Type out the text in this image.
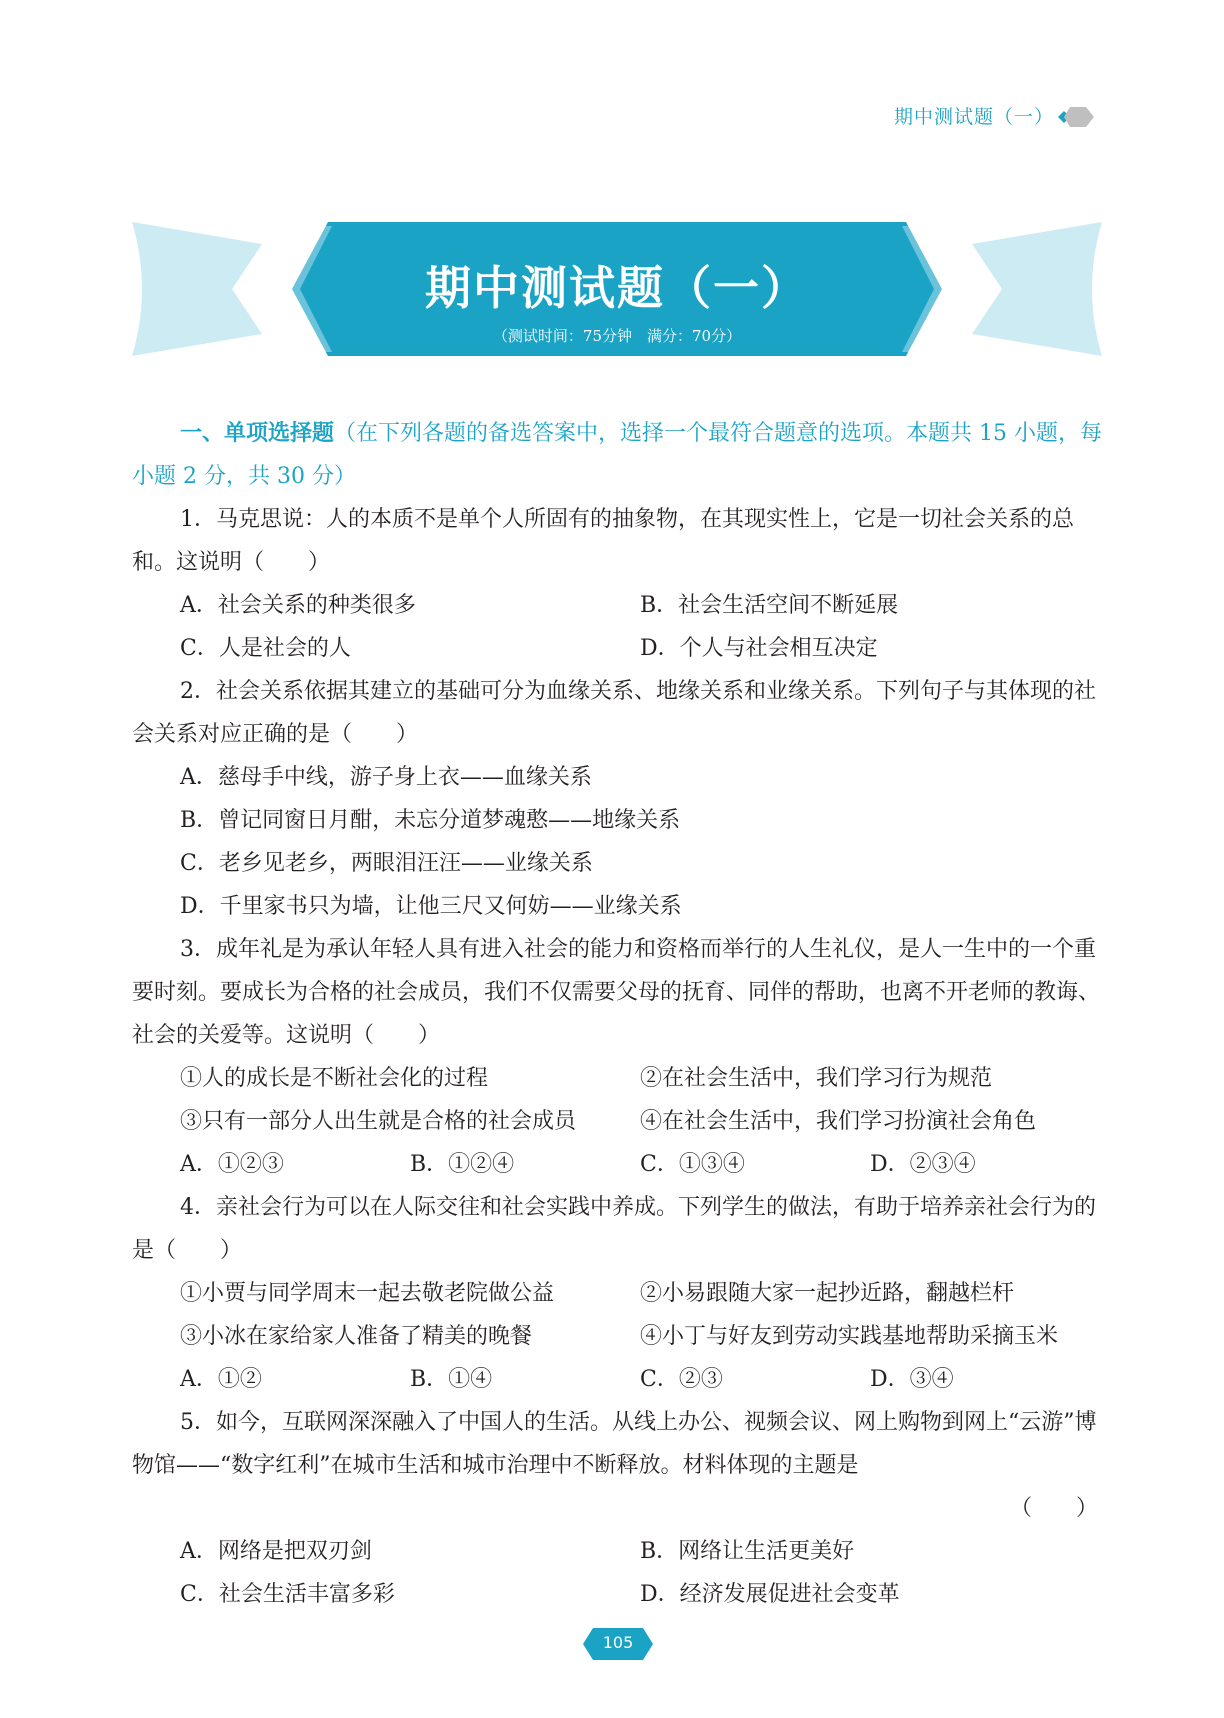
期中测试题（一）
期中测试题（一）
（测试时间：75分钟　满分：70分）

一、单项选择题（在下列各题的备选答案中，选择一个最符合题意的选项。本题共 15 小题，每小题 2 分，共 30 分）

1．马克思说：人的本质不是单个人所固有的抽象物，在其现实性上，它是一切社会关系的总和。这说明（　　）

A．社会关系的种类很多	B．社会生活空间不断延展
C．人是社会的人	D．个人与社会相互决定

2．社会关系依据其建立的基础可分为血缘关系、地缘关系和业缘关系。下列句子与其体现的社会关系对应正确的是（　　）

A．慈母手中线，游子身上衣——血缘关系
B．曾记同窗日月酣，未忘分道梦魂憨——地缘关系
C．老乡见老乡，两眼泪汪汪——业缘关系
D．千里家书只为墙，让他三尺又何妨——业缘关系

3．成年礼是为承认年轻人具有进入社会的能力和资格而举行的人生礼仪，是人一生中的一个重要时刻。要成长为合格的社会成员，我们不仅需要父母的抚育、同伴的帮助，也离不开老师的教诲、社会的关爱等。这说明（　　）

①人的成长是不断社会化的过程	②在社会生活中，我们学习行为规范
③只有一部分人出生就是合格的社会成员	④在社会生活中，我们学习扮演社会角色
A．①②③	B．①②④	C．①③④	D．②③④

4．亲社会行为可以在人际交往和社会实践中养成。下列学生的做法，有助于培养亲社会行为的是（　　）

①小贾与同学周末一起去敬老院做公益	②小易跟随大家一起抄近路，翻越栏杆
③小冰在家给家人准备了精美的晚餐	④小丁与好友到劳动实践基地帮助采摘玉米
A．①②	B．①④	C．②③	D．③④

5．如今，互联网深深融入了中国人的生活。从线上办公、视频会议、网上购物到网上“云游”博物馆——“数字红利”在城市生活和城市治理中不断释放。材料体现的主题是

（　　）
A．网络是把双刃剑	B．网络让生活更美好
C．社会生活丰富多彩	D．经济发展促进社会变革
105
